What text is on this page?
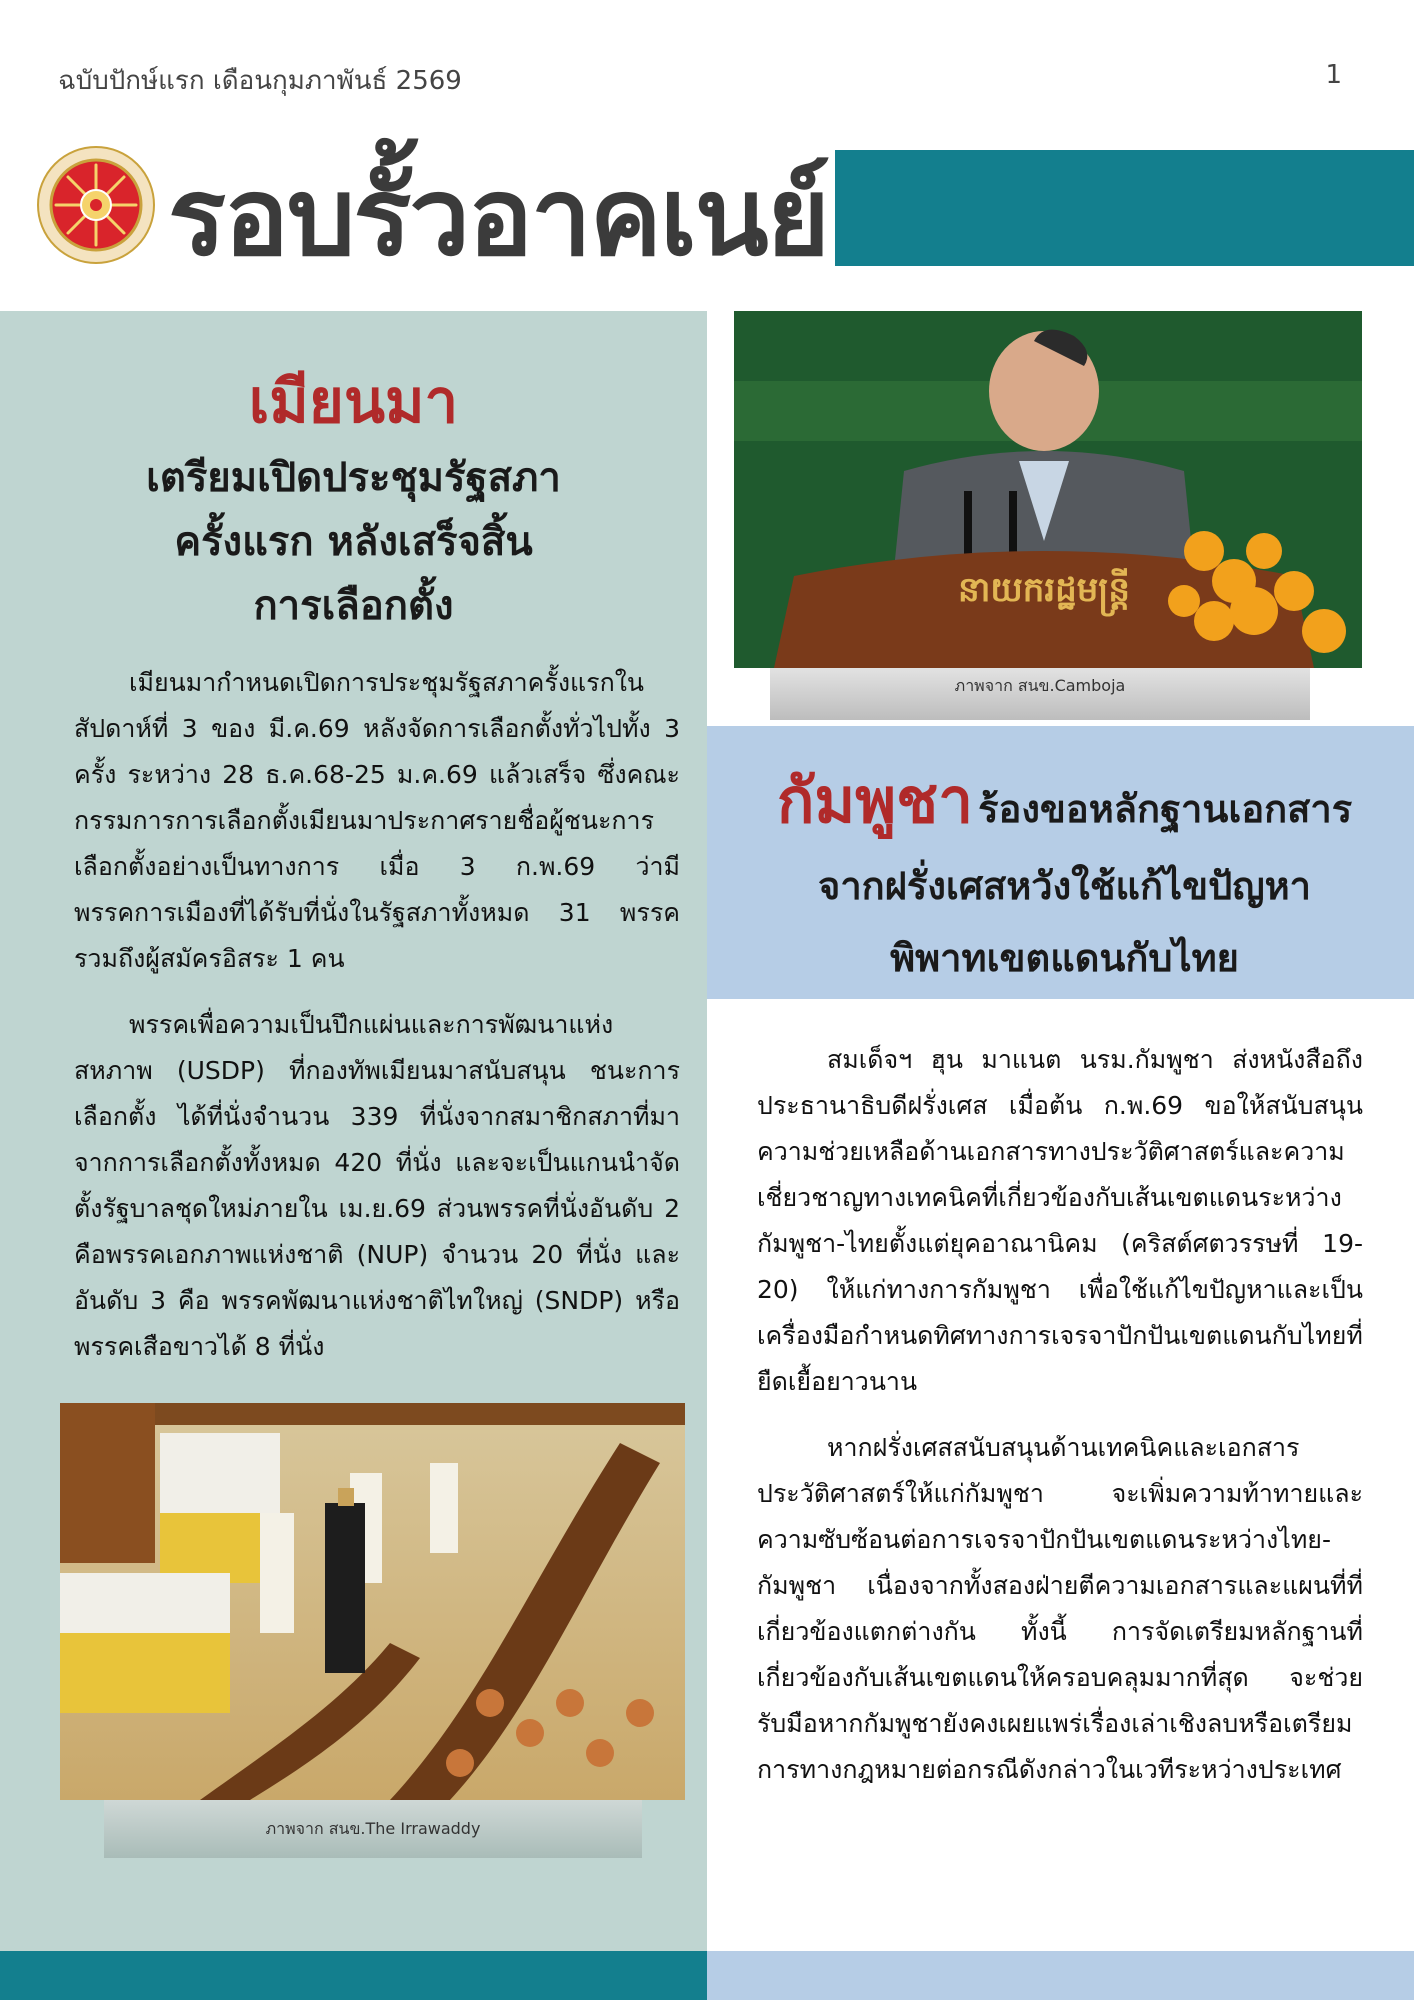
ฉบับปักษ์แรก เดือนกุมภาพันธ์ 2569	1
รอบรั้วอาคเนย์
เมียนมา
เตรียมเปิดประชุมรัฐสภา
ครั้งแรก หลังเสร็จสิ้น
การเลือกตั้ง

เมียนมากำหนดเปิดการประชุมรัฐสภาครั้งแรกในสัปดาห์ที่ 3 ของ มี.ค.69 หลังจัดการเลือกตั้งทั่วไปทั้ง 3 ครั้ง ระหว่าง 28 ธ.ค.68-25 ม.ค.69 แล้วเสร็จ ซึ่งคณะกรรมการการเลือกตั้งเมียนมาประกาศรายชื่อผู้ชนะการเลือกตั้งอย่างเป็นทางการ เมื่อ 3 ก.พ.69 ว่ามีพรรคการเมืองที่ได้รับที่นั่งในรัฐสภาทั้งหมด 31 พรรค รวมถึงผู้สมัครอิสระ 1 คน

พรรคเพื่อความเป็นปึกแผ่นและการพัฒนาแห่งสหภาพ (USDP) ที่กองทัพเมียนมาสนับสนุน ชนะการเลือกตั้ง ได้ที่นั่งจำนวน 339 ที่นั่งจากสมาชิกสภาที่มาจากการเลือกตั้งทั้งหมด 420 ที่นั่ง และจะเป็นแกนนำจัดตั้งรัฐบาลชุดใหม่ภายใน เม.ย.69 ส่วนพรรคที่นั่งอันดับ 2 คือพรรคเอกภาพแห่งชาติ (NUP) จำนวน 20 ที่นั่ง และอันดับ 3 คือ พรรคพัฒนาแห่งชาติไทใหญ่ (SNDP) หรือพรรคเสือขาวได้ 8 ที่นั่ง

ภาพจาก สนข.The Irrawaddy
នាយករដ្ឋមន្ត្រី
ภาพจาก สนข.Camboja
กัมพูชา ร้องขอหลักฐานเอกสาร
จากฝรั่งเศสหวังใช้แก้ไขปัญหา
พิพาทเขตแดนกับไทย

สมเด็จฯ ฮุน มาแนต นรม.กัมพูชา ส่งหนังสือถึงประธานาธิบดีฝรั่งเศส เมื่อต้น ก.พ.69 ขอให้สนับสนุนความช่วยเหลือด้านเอกสารทางประวัติศาสตร์และความเชี่ยวชาญทางเทคนิคที่เกี่ยวข้องกับเส้นเขตแดนระหว่างกัมพูชา-ไทยตั้งแต่ยุคอาณานิคม (คริสต์ศตวรรษที่ 19-20) ให้แก่ทางการกัมพูชา เพื่อใช้แก้ไขปัญหาและเป็นเครื่องมือกำหนดทิศทางการเจรจาปักปันเขตแดนกับไทยที่ยืดเยื้อยาวนาน

หากฝรั่งเศสสนับสนุนด้านเทคนิคและเอกสารประวัติศาสตร์ให้แก่กัมพูชา จะเพิ่มความท้าทายและความซับซ้อนต่อการเจรจาปักปันเขตแดนระหว่างไทย-กัมพูชา เนื่องจากทั้งสองฝ่ายตีความเอกสารและแผนที่ที่เกี่ยวข้องแตกต่างกัน ทั้งนี้ การจัดเตรียมหลักฐานที่เกี่ยวข้องกับเส้นเขตแดนให้ครอบคลุมมากที่สุด จะช่วยรับมือหากกัมพูชายังคงเผยแพร่เรื่องเล่าเชิงลบหรือเตรียมการทางกฎหมายต่อกรณีดังกล่าวในเวทีระหว่างประเทศ
